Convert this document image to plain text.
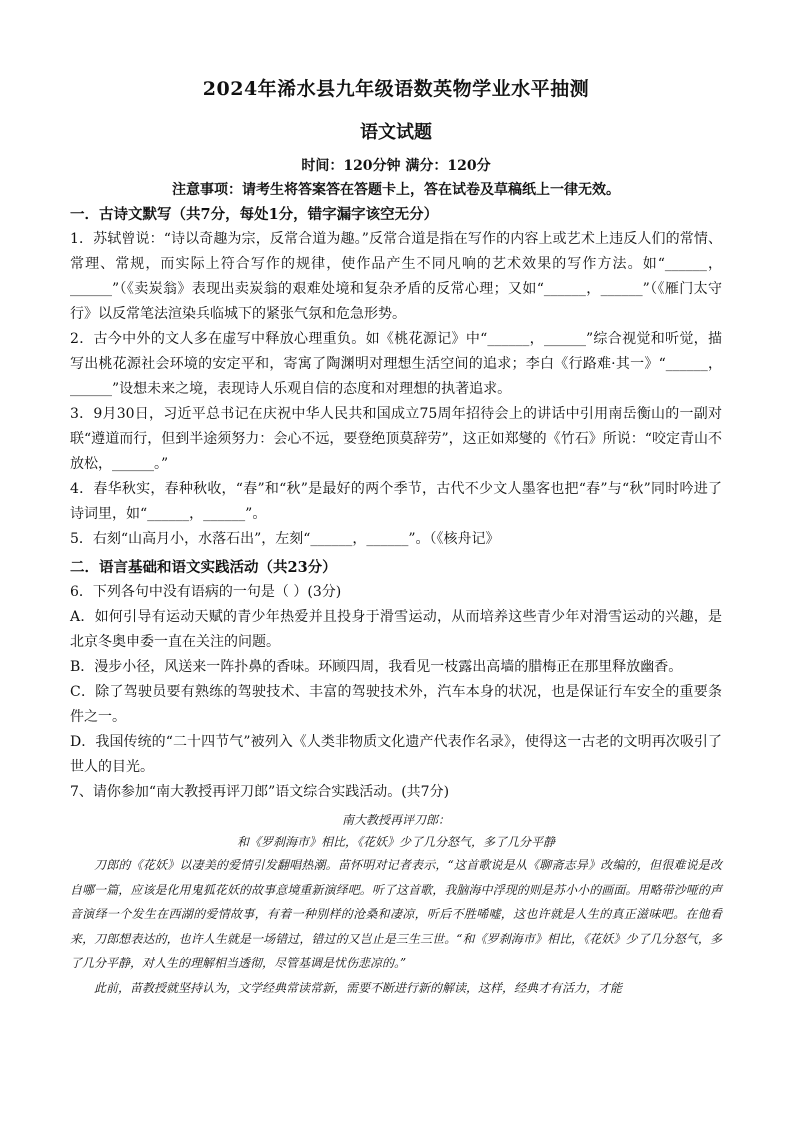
2024年浠水县九年级语数英物学业水平抽测
语文试题
时间：120分钟 满分：120分
注意事项：请考生将答案答在答题卡上，答在试卷及草稿纸上一律无效。
一．古诗文默写（共7分，每处1分，错字漏字该空无分）

1．苏轼曾说：“诗以奇趣为宗，反常合道为趣。”反常合道是指在写作的内容上或艺术上违反人们的常情、常理、常规，而实际上符合写作的规律，使作品产生不同凡响的艺术效果的写作方法。如“______，______”（《卖炭翁》表现出卖炭翁的艰难处境和复杂矛盾的反常心理；又如“______，______”（《雁门太守行》以反常笔法渲染兵临城下的紧张气氛和危急形势。

2．古今中外的文人多在虚写中释放心理重负。如《桃花源记》中“______，______”综合视觉和听觉，描写出桃花源社会环境的安定平和，寄寓了陶渊明对理想生活空间的追求；李白《行路难·其一》“______，______”设想未来之境，表现诗人乐观自信的态度和对理想的执著追求。

3．9月30日，习近平总书记在庆祝中华人民共和国成立75周年招待会上的讲话中引用南岳衡山的一副对联“遵道而行，但到半途须努力：会心不远，要登绝顶莫辞劳”，这正如郑燮的《竹石》所说：“咬定青山不放松，______。”

4．春华秋实，春种秋收，“春”和“秋”是最好的两个季节，古代不少文人墨客也把“春”与“秋”同时吟进了诗词里，如“______，______”。

5．右刻“山高月小，水落石出”，左刻“______，______”。（《核舟记》

二．语言基础和语文实践活动（共23分）

6．下列各句中没有语病的一句是（ ）(3分)

A．如何引导有运动天赋的青少年热爱并且投身于滑雪运动，从而培养这些青少年对滑雪运动的兴趣，是北京冬奥申委一直在关注的问题。

B．漫步小径，风送来一阵扑鼻的香味。环顾四周，我看见一枝露出高墙的腊梅正在那里释放幽香。

C．除了驾驶员要有熟练的驾驶技术、丰富的驾驶技术外，汽车本身的状况，也是保证行车安全的重要条件之一。

D．我国传统的“二十四节气”被列入《人类非物质文化遗产代表作名录》，使得这一古老的文明再次吸引了世人的目光。

7、请你参加“南大教授再评刀郎”语文综合实践活动。(共7分)

南大教授再评刀郎：
和《罗刹海市》相比，《花妖》少了几分怒气，多了几分平静

刀郎的《花妖》以凄美的爱情引发翻唱热潮。苗怀明对记者表示，“这首歌说是从《聊斋志异》改编的，但很难说是改自哪一篇，应该是化用鬼狐花妖的故事意境重新演绎吧。听了这首歌，我脑海中浮现的则是苏小小的画面。用略带沙哑的声音演绎一个发生在西湖的爱情故事，有着一种别样的沧桑和凄凉，听后不胜唏嘘，这也许就是人生的真正滋味吧。在他看来，刀郎想表达的，也许人生就是一场错过，错过的又岂止是三生三世。“和《罗刹海市》相比，《花妖》少了几分怒气，多了几分平静，对人生的理解相当透彻，尽管基调是忧伤悲凉的。”

此前，苗教授就坚持认为，文学经典常读常新，需要不断进行新的解读，这样，经典才有活力，才能
